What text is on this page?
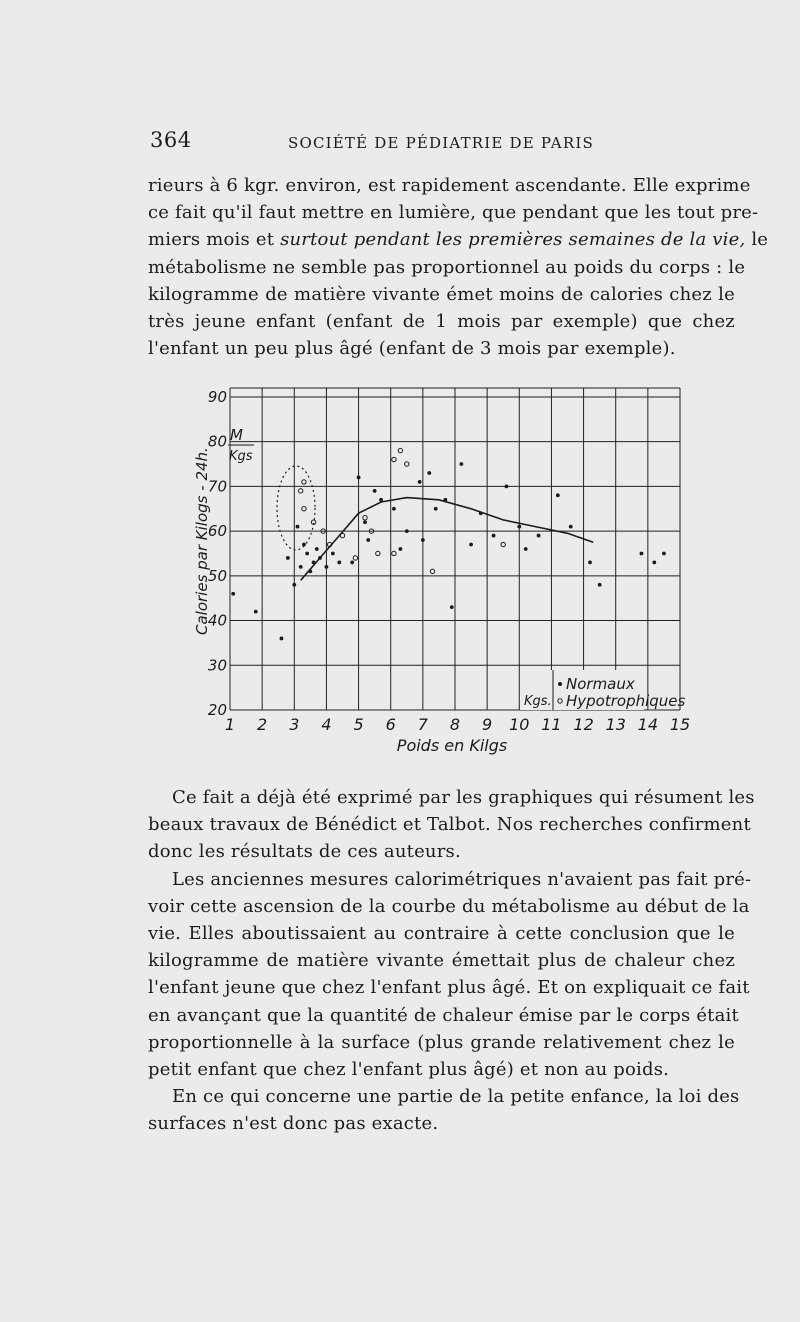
364	SOCIÉTÉ DE PÉDIATRIE DE PARIS
rieurs à 6 kgr. environ, est rapidement ascendante. Elle exprime
ce fait qu'il faut mettre en lumière, que pendant que les tout pre-
miers mois et surtout pendant les premières semaines de la vie, le
métabolisme ne semble pas proportionnel au poids du corps : le
kilogramme de matière vivante émet moins de calories chez le
très jeune enfant (enfant de 1 mois par exemple) que chez
l'enfant un peu plus âgé (enfant de 3 mois par exemple).
1 2 3 4 5 6 7 8 9 10 11 12 13 14 15
20
30
40
50
60
70
80
90
M
Kgs
Calories par Kilogs - 24h.
Poids en Kilgs
Kgs.
Normaux
Hypotrophiques
Ce fait a déjà été exprimé par les graphiques qui résument les
beaux travaux de Bénédict et Talbot. Nos recherches confirment
donc les résultats de ces auteurs.
Les anciennes mesures calorimétriques n'avaient pas fait pré-
voir cette ascension de la courbe du métabolisme au début de la
vie. Elles aboutissaient au contraire à cette conclusion que le
kilogramme de matière vivante émettait plus de chaleur chez
l'enfant jeune que chez l'enfant plus âgé. Et on expliquait ce fait
en avançant que la quantité de chaleur émise par le corps était
proportionnelle à la surface (plus grande relativement chez le
petit enfant que chez l'enfant plus âgé) et non au poids.
En ce qui concerne une partie de la petite enfance, la loi des
surfaces n'est donc pas exacte.
